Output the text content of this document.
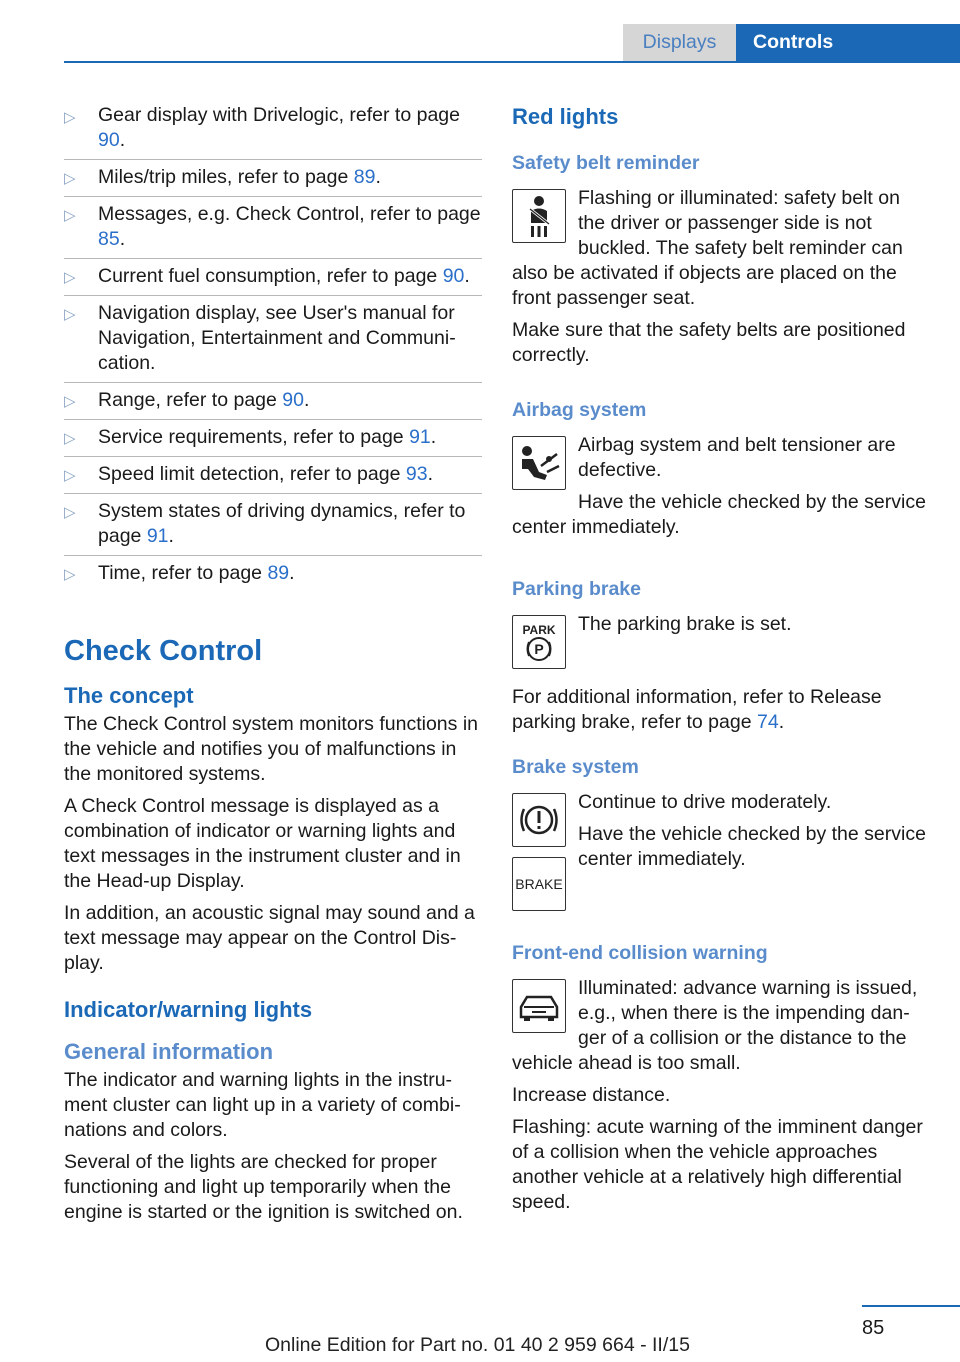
Displays	Controls
▷ Gear display with Drivelogic, refer to page 90.
▷ Miles/trip miles, refer to page 89.
▷ Messages, e.g. Check Control, refer to page 85.
▷ Current fuel consumption, refer to page 90.
▷ Navigation display, see User's manual for Navigation, Entertainment and Communication.
▷ Range, refer to page 90.
▷ Service requirements, refer to page 91.
▷ Speed limit detection, refer to page 93.
▷ System states of driving dynamics, refer to page 91.
▷ Time, refer to page 89.
Check Control
The concept

The Check Control system monitors functions in the vehicle and notifies you of malfunctions in the monitored systems.

A Check Control message is displayed as a combination of indicator or warning lights and text messages in the instrument cluster and in the Head-up Display.

In addition, an acoustic signal may sound and a text message may appear on the Control Display.

Indicator/warning lights
General information

The indicator and warning lights in the instrument cluster can light up in a variety of combinations and colors.

Several of the lights are checked for proper functioning and light up temporarily when the engine is started or the ignition is switched on.

Red lights
Safety belt reminder

Flashing or illuminated: safety belt on the driver or passenger side is not buckled. The safety belt reminder can also be activated if objects are placed on the front passenger seat.

Make sure that the safety belts are positioned correctly.

Airbag system

Airbag system and belt tensioner are defective.

Have the vehicle checked by the service center immediately.

Parking brake
PARK
P

The parking brake is set.

For additional information, refer to Release parking brake, refer to page 74.

Brake system
BRAKE

Continue to drive moderately.

Have the vehicle checked by the service center immediately.

Front-end collision warning

Illuminated: advance warning is issued, e.g., when there is the impending danger of a collision or the distance to the vehicle ahead is too small.

Increase distance.

Flashing: acute warning of the imminent danger of a collision when the vehicle approaches another vehicle at a relatively high differential speed.

85
Online Edition for Part no. 01 40 2 959 664 - II/15
